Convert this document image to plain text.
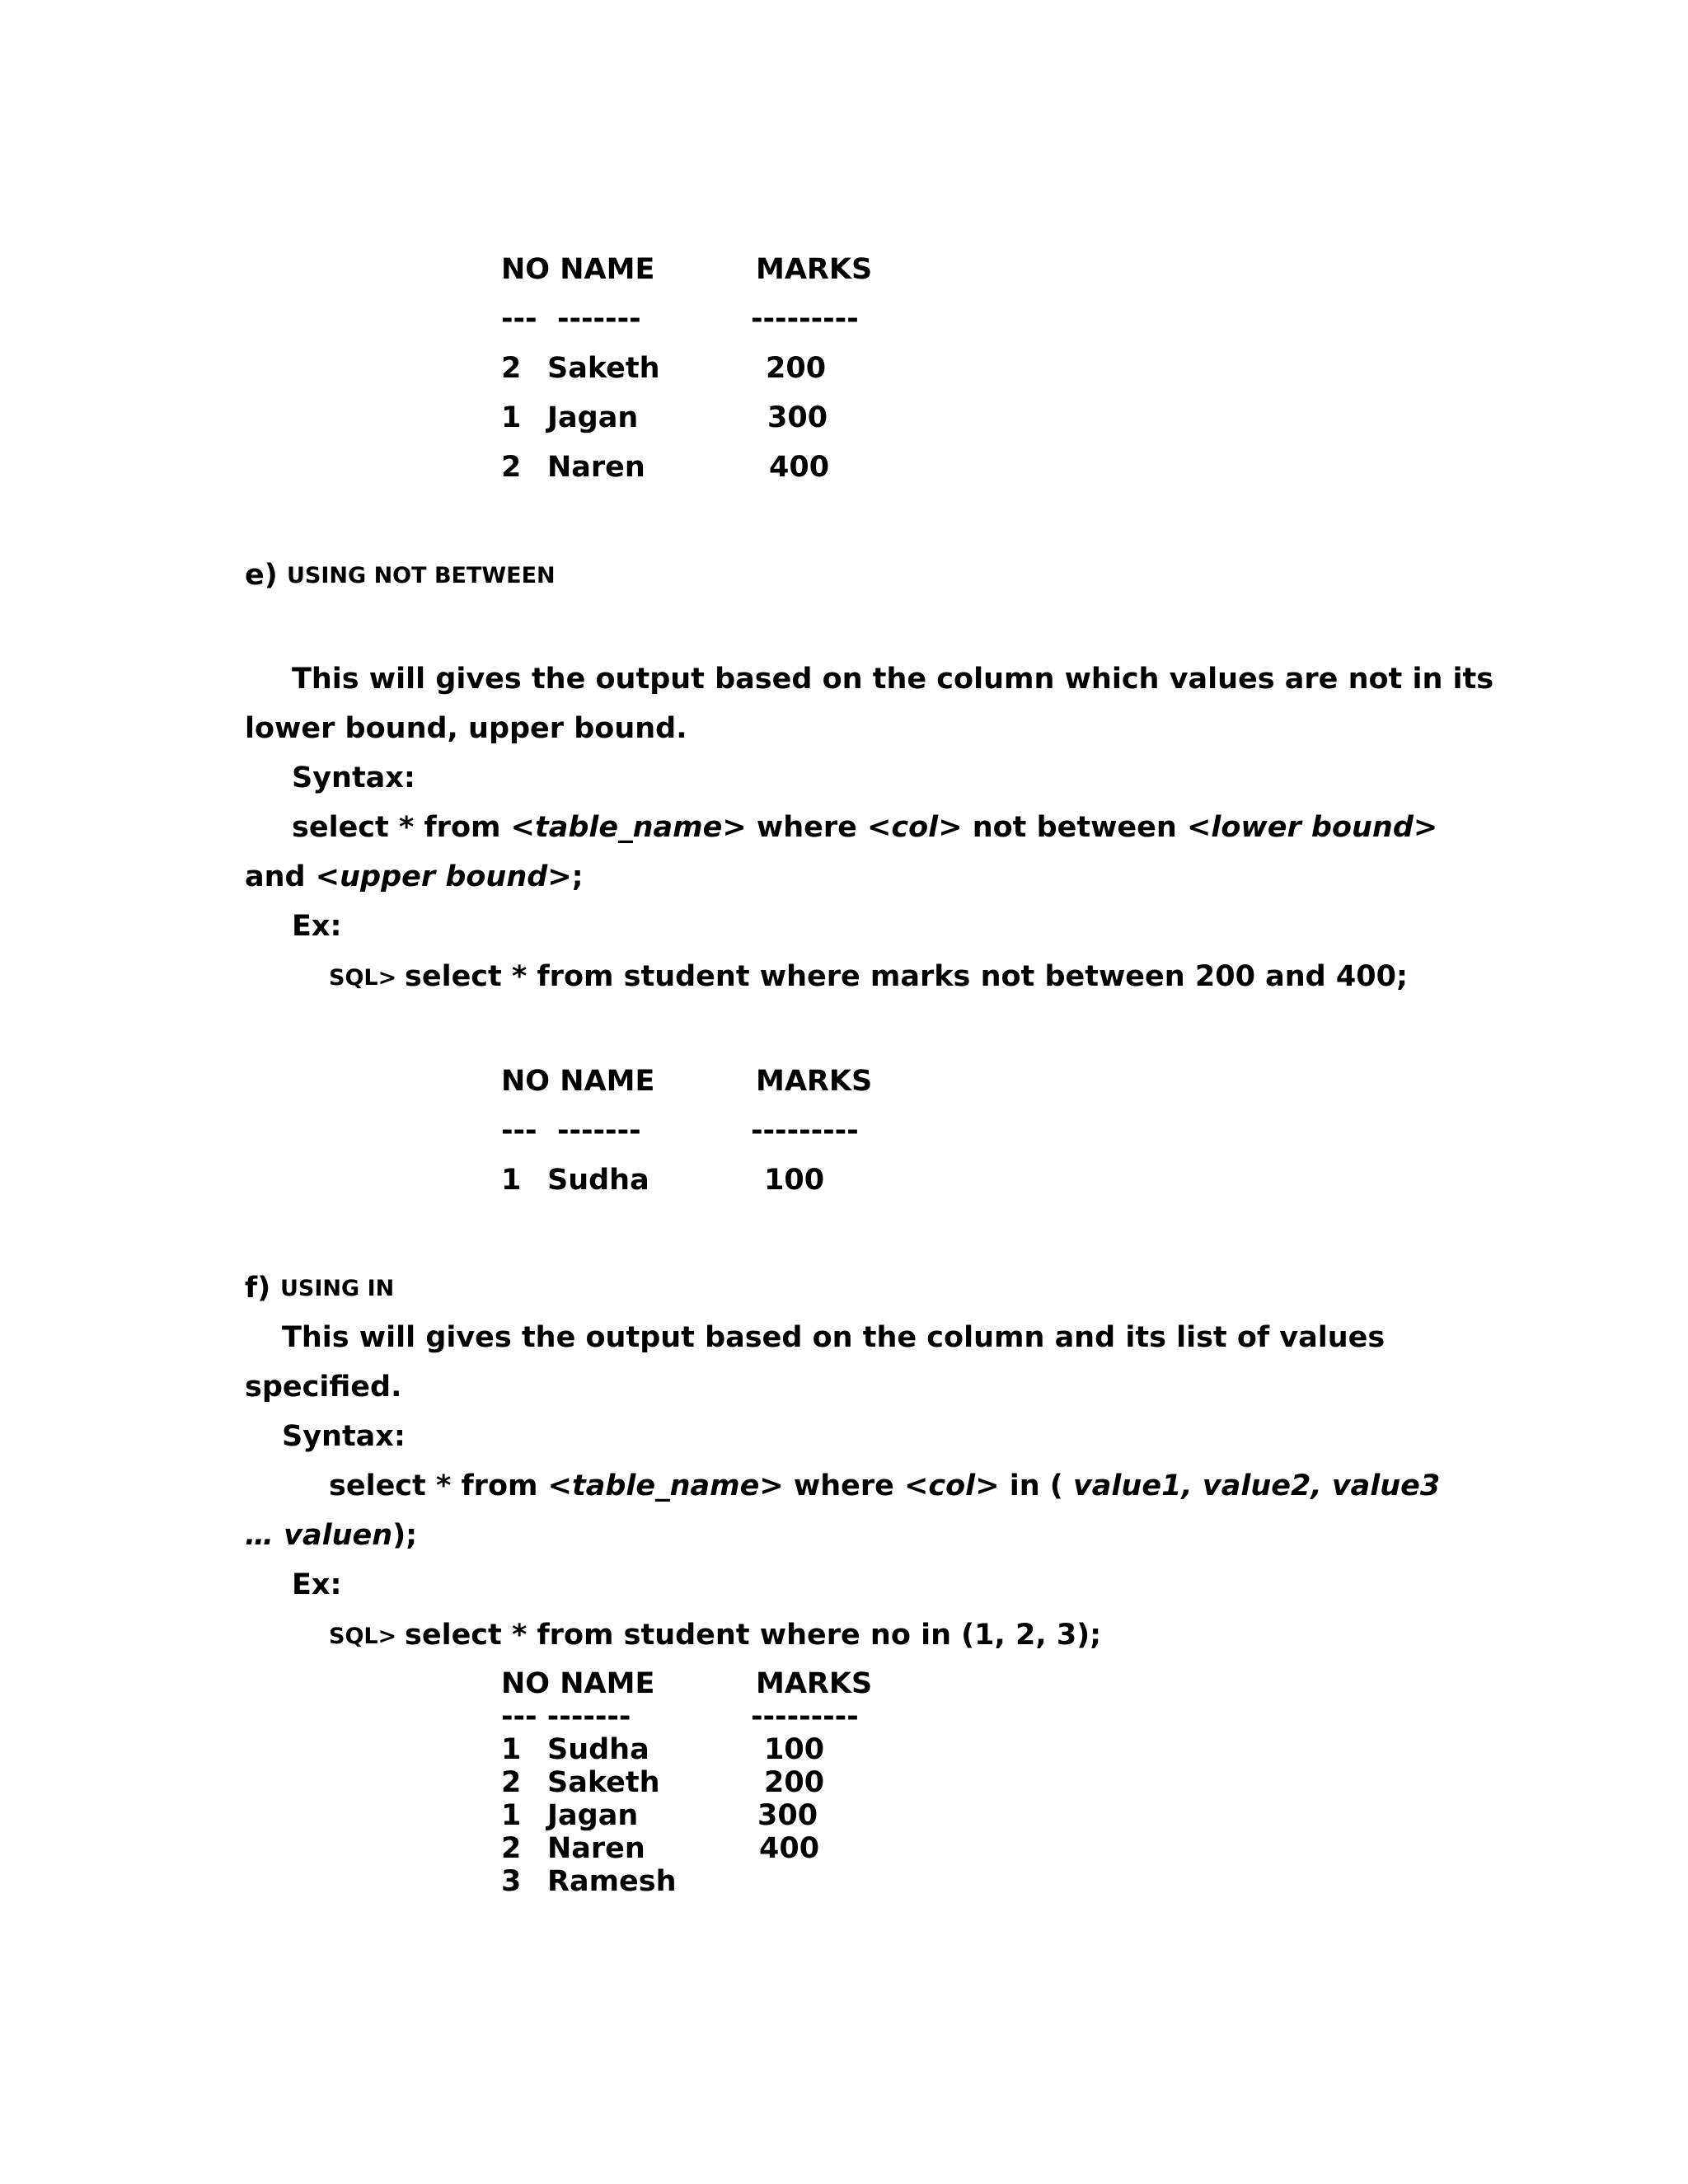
NO NAME	MARKS
---  -------	---------
2 Saketh	200
1 Jagan	300
2 Naren	400
e) USING NOT BETWEEN
This will gives the output based on the column which values are not in its
lower bound, upper bound.
Syntax:
select * from <table_name> where <col> not between <lower bound>
and <upper bound>;
Ex:
SQL> select * from student where marks not between 200 and 400;
NO NAME	MARKS
---  -------	---------
1 Sudha	100
f) USING IN
This will gives the output based on the column and its list of values
specified.
Syntax:
select * from <table_name> where <col> in ( value1, value2, value3
… valuen);
Ex:
SQL> select * from student where no in (1, 2, 3);
NO NAME	MARKS
--- -------	---------
1 Sudha	100
2 Saketh	200
1 Jagan	300
2 Naren	400
3 Ramesh
